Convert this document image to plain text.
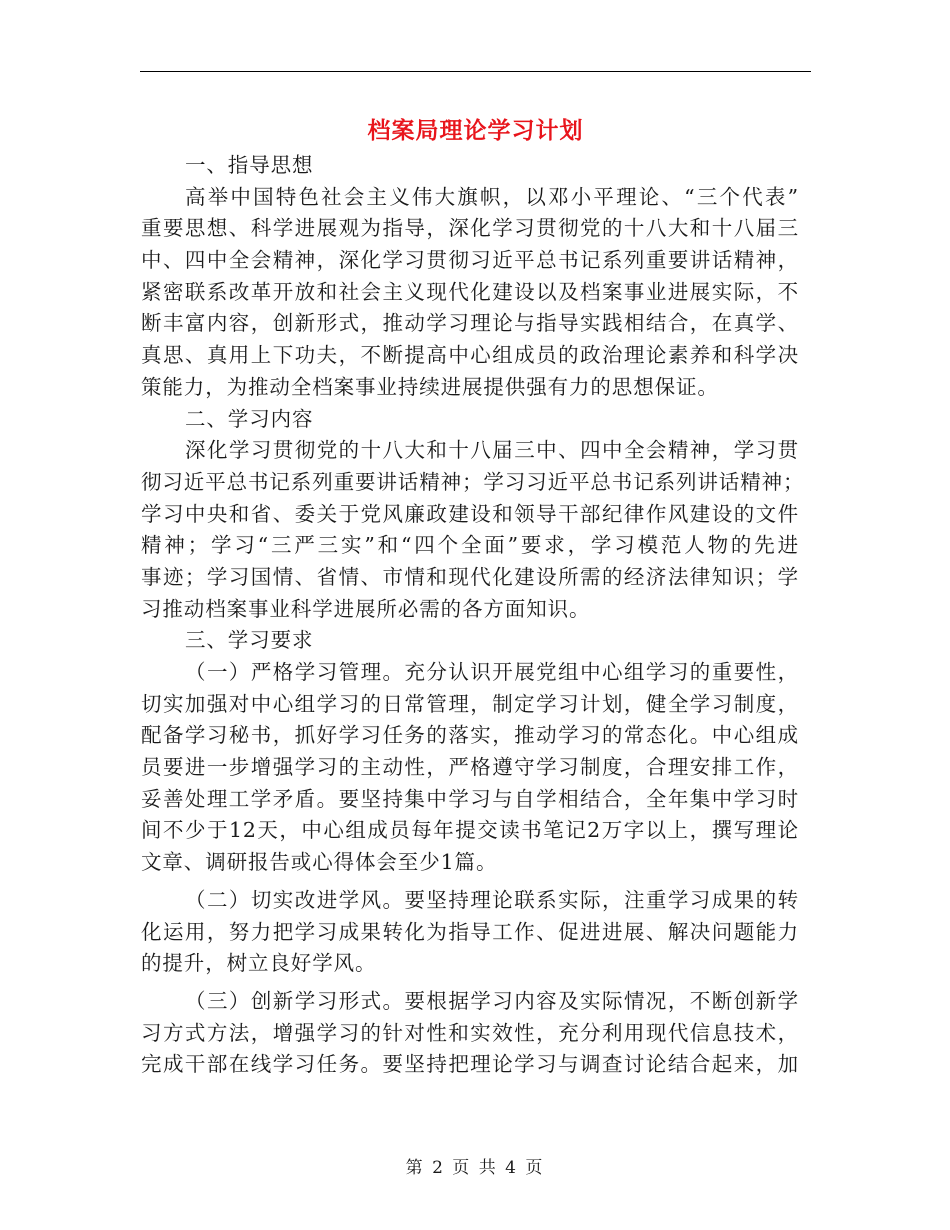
档案局理论学习计划
一、指导思想
高举中国特色社会主义伟大旗帜，以邓小平理论、“三个代表”
重要思想、科学进展观为指导，深化学习贯彻党的十八大和十八届三
中、四中全会精神，深化学习贯彻习近平总书记系列重要讲话精神，
紧密联系改革开放和社会主义现代化建设以及档案事业进展实际，不
断丰富内容，创新形式，推动学习理论与指导实践相结合，在真学、
真思、真用上下功夫，不断提高中心组成员的政治理论素养和科学决
策能力，为推动全档案事业持续进展提供强有力的思想保证。
二、学习内容
深化学习贯彻党的十八大和十八届三中、四中全会精神，学习贯
彻习近平总书记系列重要讲话精神；学习习近平总书记系列讲话精神；
学习中央和省、委关于党风廉政建设和领导干部纪律作风建设的文件
精神；学习“三严三实”和“四个全面”要求，学习模范人物的先进
事迹；学习国情、省情、市情和现代化建设所需的经济法律知识；学
习推动档案事业科学进展所必需的各方面知识。
三、学习要求
（一）严格学习管理。充分认识开展党组中心组学习的重要性，
切实加强对中心组学习的日常管理，制定学习计划，健全学习制度，
配备学习秘书，抓好学习任务的落实，推动学习的常态化。中心组成
员要进一步增强学习的主动性，严格遵守学习制度，合理安排工作，
妥善处理工学矛盾。要坚持集中学习与自学相结合，全年集中学习时
间不少于12天，中心组成员每年提交读书笔记2万字以上，撰写理论
文章、调研报告或心得体会至少1篇。
（二）切实改进学风。要坚持理论联系实际，注重学习成果的转
化运用，努力把学习成果转化为指导工作、促进进展、解决问题能力
的提升，树立良好学风。
（三）创新学习形式。要根据学习内容及实际情况，不断创新学
习方式方法，增强学习的针对性和实效性，充分利用现代信息技术，
完成干部在线学习任务。要坚持把理论学习与调查讨论结合起来，加
第 2 页 共 4 页
